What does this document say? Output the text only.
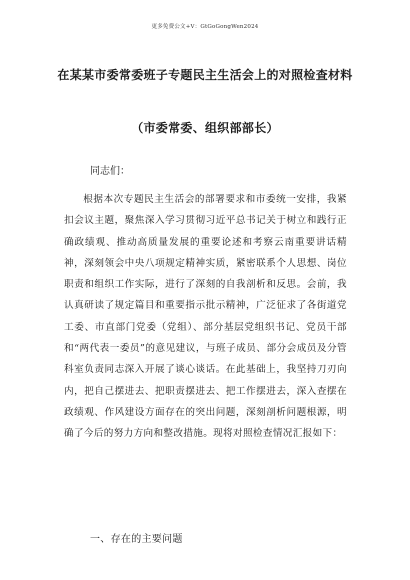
更多免费公文+V：GtGoGongWen2024
在某某市委常委班子专题民主生活会上的对照检查材料
（市委常委、组织部部长）
同志们：

根据本次专题民主生活会的部署要求和市委统一安排，我紧扣会议主题，聚焦深入学习贯彻习近平总书记关于树立和践行正确政绩观、推动高质量发展的重要论述和考察云南重要讲话精神，深刻领会中央八项规定精神实质，紧密联系个人思想、岗位职责和组织工作实际，进行了深刻的自我剖析和反思。会前，我认真研读了规定篇目和重要指示批示精神，广泛征求了各街道党工委、市直部门党委（党组）、部分基层党组织书记、党员干部和“两代表一委员”的意见建议，与班子成员、部分会成员及分管科室负责同志深入开展了谈心谈话。在此基础上，我坚持刀刃向内，把自己摆进去、把职责摆进去、把工作摆进去，深入查摆在政绩观、作风建设方面存在的突出问题，深刻剖析问题根源，明确了今后的努力方向和整改措施。现将对照检查情况汇报如下：

一、存在的主要问题
